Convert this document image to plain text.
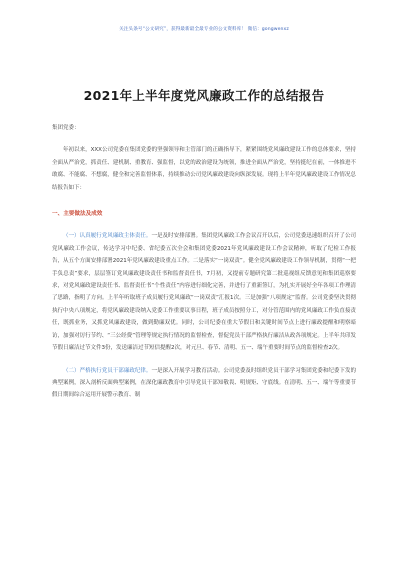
关注头条号“公文研究”，获得最新最全最专业的公文资料库！ 微信：gongwenxz
2021年上半年度党风廉政工作的总结报告

集团党委：

年初以来，XXX公司党委在集团党委的坚强领导和主管部门的正确指导下，紧紧围绕党风廉政建设工作的总体要求，坚持全面从严治党，抓责任、建机制、重教育、强监督，以党的政治建设为统领，推进全面从严治党，坚持挺纪在前，一体推进不敢腐、不能腐、不想腐，健全和完善监督体系，持续推动公司党风廉政建设向纵深发展。现将上半年党风廉政建设工作情况总结报告如下：

一、主要做法及成效

（一）认真履行党风廉政主体责任。一是及时安排部署。集团党风廉政工作会议召开以后，公司党委迅速组织召开了公司党风廉政工作会议，传达学习中纪委、省纪委五次全会和集团党委2021年党风廉政建设工作会议精神，听取了纪检工作报告，从五个方面安排部署2021年党风廉政建设重点工作。二是落实“一岗双责”。健全党风廉政建设工作领导机制，贯彻“一把手负总责”要求，层层签订党风廉政建设责任书和监督责任书，7月初，又提前专题研究第二批巡视组反馈意见和集团巡察要求，对党风廉政建设责任书、监督责任书“个性责任”内容进行细化完善，并进行了重新签订，为扎实开展好全年各项工作理清了思路，指明了方向。上半年听取班子成员履行党风廉政“一岗双责”汇报1次。三是加强“八项规定”监督。公司党委坚决贯彻执行中央八项规定，将党风廉政建设纳入党委工作重要议事日程，班子成员按照分工，对分管范围内的党风廉政工作负直接责任，既抓业务，又抓党风廉政建设，做到勤廉双优。同时，公司纪委在重大节假日和关键时间节点上进行廉政提醒和明察暗访，加强对厉行节约、“三公经费”管理等规定执行情况的监督检查，督促党员干部严格执行廉洁从政各项规定。上半年共印发节假日廉洁过节文件3份，发送廉洁过节短信提醒2次，对元旦、春节、清明、五一、端午重要时间节点的监督检查2次。

（二）严格执行党员干部廉政纪律。一是深入开展学习教育活动。公司党委及时组织党员干部学习集团党委和纪委下发的典型案例，深入剖析反面典型案例，在深化廉政教育中引导党员干部知敬畏、明规矩、守底线。在清明、五一、端午等重要节假日期间综合运用开展警示教育、制
